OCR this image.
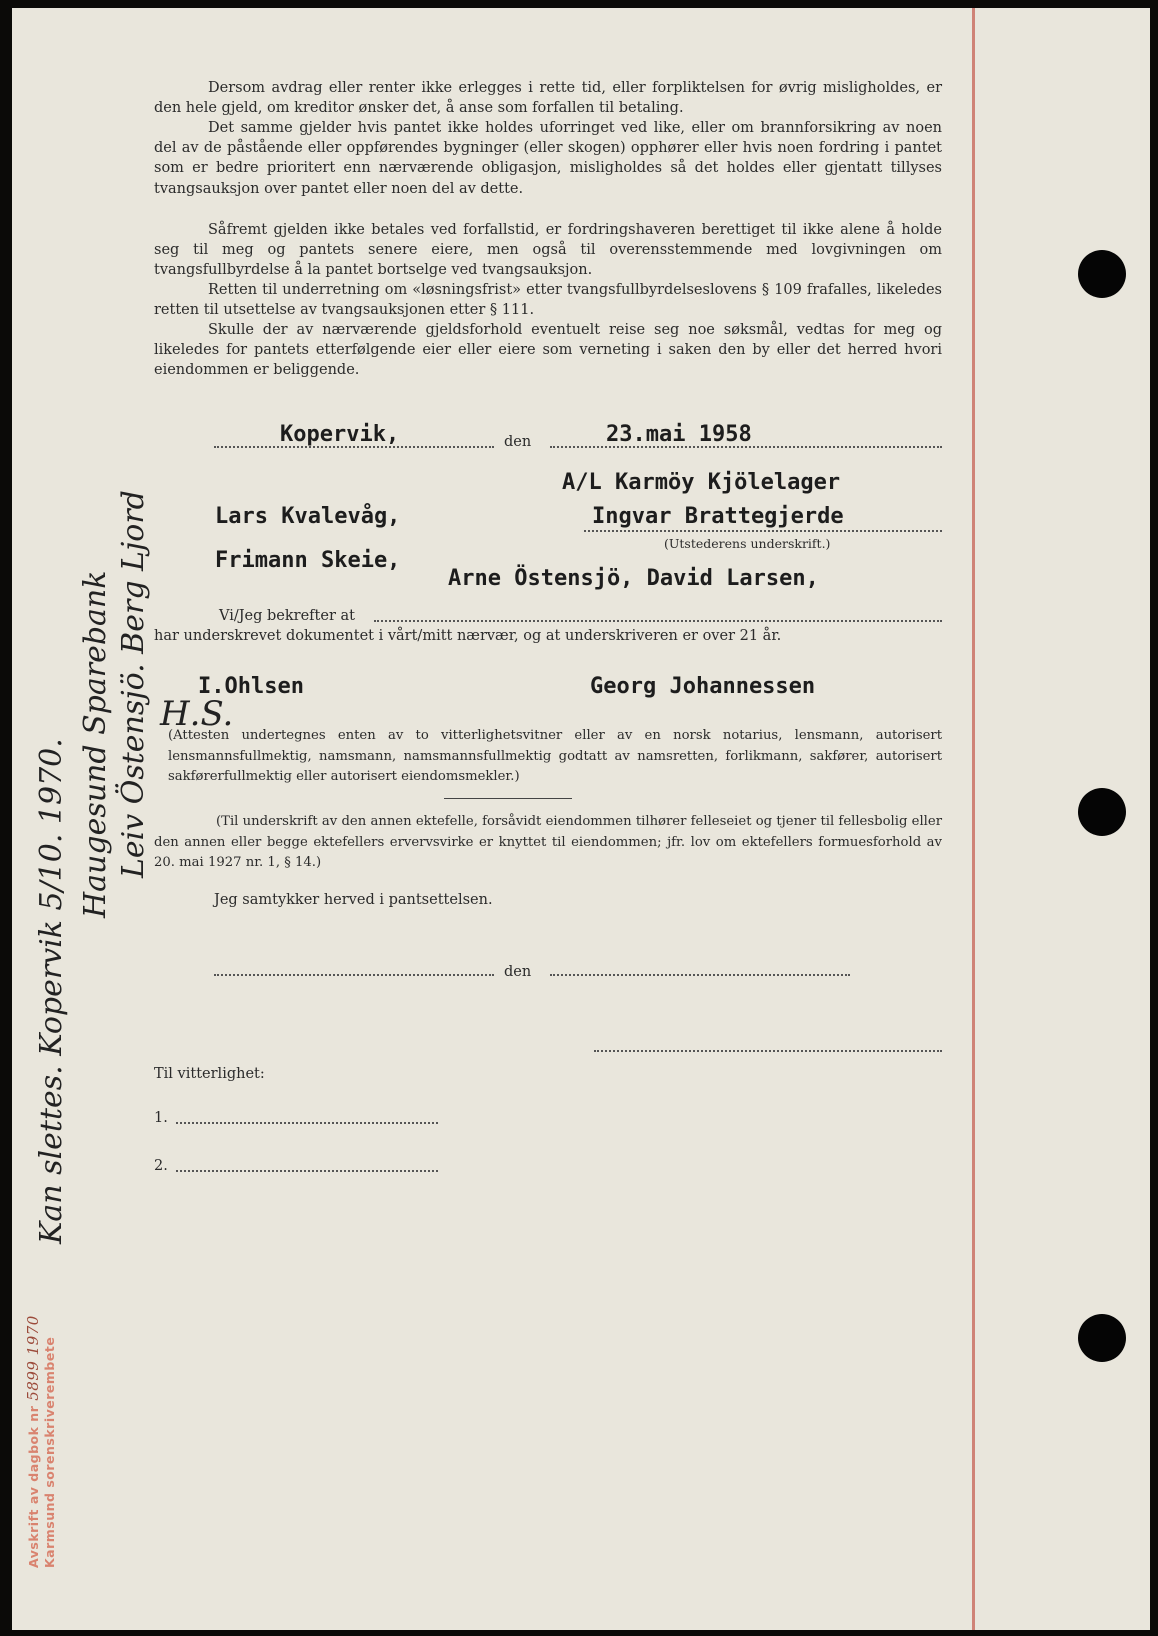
Dersom avdrag eller renter ikke erlegges i rette tid, eller forpliktelsen for øvrig misligholdes, er den hele gjeld, om kreditor ønsker det, å anse som forfallen til betaling.

Det samme gjelder hvis pantet ikke holdes uforringet ved like, eller om brannforsikring av noen del av de påstående eller oppførendes bygninger (eller skogen) opphører eller hvis noen fordring i pantet som er bedre prioritert enn nærværende obligasjon, misligholdes så det holdes eller gjentatt tillyses tvangsauksjon over pantet eller noen del av dette.

Såfremt gjelden ikke betales ved forfallstid, er fordringshaveren berettiget til ikke alene å holde seg til meg og pantets senere eiere, men også til overensstemmende med lovgivningen om tvangsfullbyrdelse å la pantet bortselge ved tvangsauksjon.

Retten til underretning om «løsningsfrist» etter tvangsfullbyrdelseslovens § 109 frafalles, likeledes retten til utsettelse av tvangsauksjonen etter § 111.

Skulle der av nærværende gjeldsforhold eventuelt reise seg noe søksmål, vedtas for meg og likeledes for pantets etterfølgende eier eller eiere som verneting i saken den by eller det herred hvori eiendommen er beliggende.

Kopervik,	den	23.mai 1958
A/L Karmöy Kjölelager
Lars Kvalevåg,	Ingvar Brattegjerde
(Utstederens underskrift.)
Frimann Skeie,
Arne Östensjö, David Larsen,
Vi/Jeg bekrefter at
har underskrevet dokumentet i vårt/mitt nærvær, og at underskriveren er over 21 år.
I.Ohlsen	Georg Johannessen
H.S.

(Attesten undertegnes enten av to vitterlighetsvitner eller av en norsk notarius, lensmann, autorisert lensmannsfullmektig, namsmann, namsmannsfullmektig godtatt av namsretten, forlikmann, sakfører, autorisert sakførerfullmektig eller autorisert eiendomsmekler.)

(Til underskrift av den annen ektefelle, forsåvidt eiendommen tilhører felleseiet og tjener til fellesbolig eller den annen eller begge ektefellers ervervsvirke er knyttet til eiendommen; jfr. lov om ektefellers formuesforhold av 20. mai 1927 nr. 1, § 14.)

Jeg samtykker herved i pantsettelsen.
den
Til vitterlighet:
1.
2.
Kan slettes. Kopervik 5/10. 1970. Haugesund Sparebank Leiv Östensjö. Berg Ljord
Avskrift av dagbok nr 5899 1970
Karmsund sorenskriverembete
